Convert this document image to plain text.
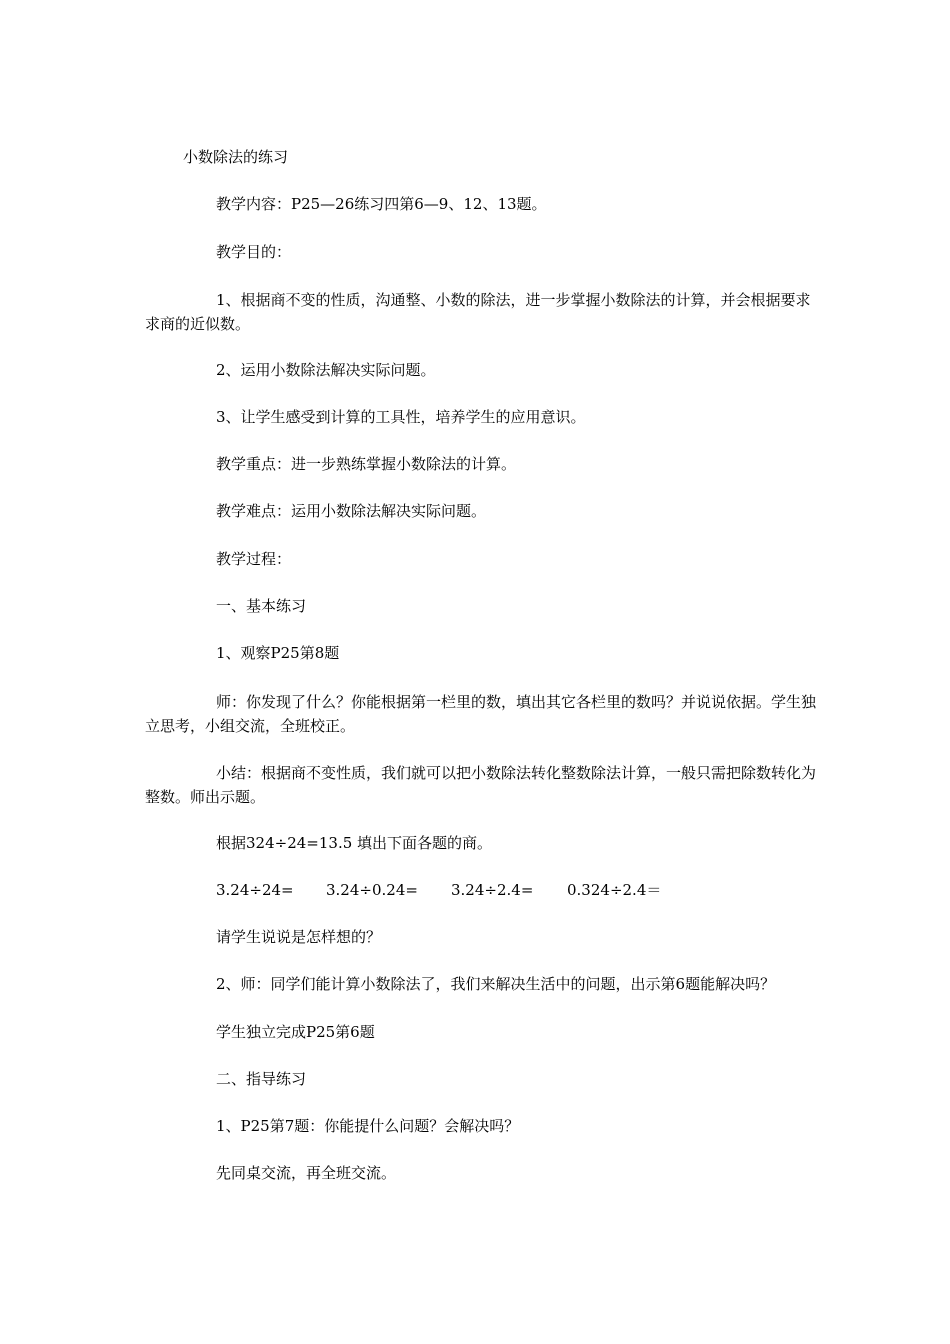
小数除法的练习
教学内容：P25—26练习四第6—9、12、13题。
教学目的：
1、根据商不变的性质，沟通整、小数的除法，进一步掌握小数除法的计算，并会根据要求求商的近似数。
2、运用小数除法解决实际问题。
3、让学生感受到计算的工具性，培养学生的应用意识。
教学重点：进一步熟练掌握小数除法的计算。
教学难点：运用小数除法解决实际问题。
教学过程：
一、基本练习
1、观察P25第8题
师：你发现了什么？你能根据第一栏里的数，填出其它各栏里的数吗？并说说依据。学生独立思考，小组交流，全班校正。
小结：根据商不变性质，我们就可以把小数除法转化整数除法计算，一般只需把除数转化为整数。师出示题。
根据324÷24=13.5 填出下面各题的商。
3.24÷24= 3.24÷0.24= 3.24÷2.4= 0.324÷2.4＝
请学生说说是怎样想的？
2、师：同学们能计算小数除法了，我们来解决生活中的问题，出示第6题能解决吗？
学生独立完成P25第6题
二、指导练习
1、P25第7题：你能提什么问题？会解决吗？
先同桌交流，再全班交流。
